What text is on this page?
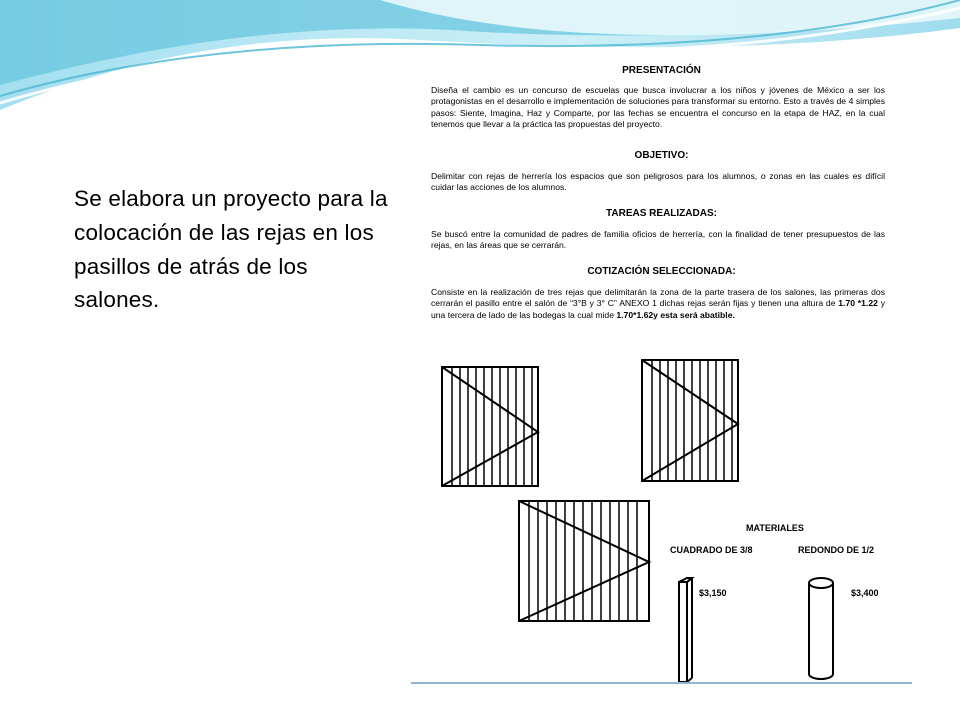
Se elabora un proyecto para la colocación de las rejas en los pasillos de atrás de los salones.
PRESENTACIÓN
Diseña el cambio es un concurso de escuelas que busca involucrar a los niños y jóvenes de México a ser los protagonistas en el desarrollo e implementación de soluciones para transformar su entorno. Esto a través de 4 simples pasos: Siente, Imagina, Haz y Comparte, por las fechas se encuentra el concurso en la etapa de HAZ, en la cual tenemos que llevar a la práctica las propuestas del proyecto.
OBJETIVO:
Delimitar con rejas de herrería los espacios que son peligrosos para los alumnos, o zonas en las cuales es difícil cuidar las acciones de los alumnos.
TAREAS REALIZADAS:
Se buscó entre la comunidad de padres de familia oficios de herrería, con la finalidad de tener presupuestos de las rejas, en las áreas que se cerrarán.
COTIZACIÓN SELECCIONADA:
Consiste en la realización de tres rejas que delimitarán la zona de la parte trasera de los salones, las primeras dos cerrarán el pasillo entre el salón de “3°B y 3° C” ANEXO 1 dichas rejas serán fijas y tienen una altura de 1.70 *1.22 y una tercera de lado de las bodegas la cual mide 1.70*1.62y esta será abatible.
MATERIALES
CUADRADO DE 3/8	REDONDO DE 1/2
$3,150	$3,400
